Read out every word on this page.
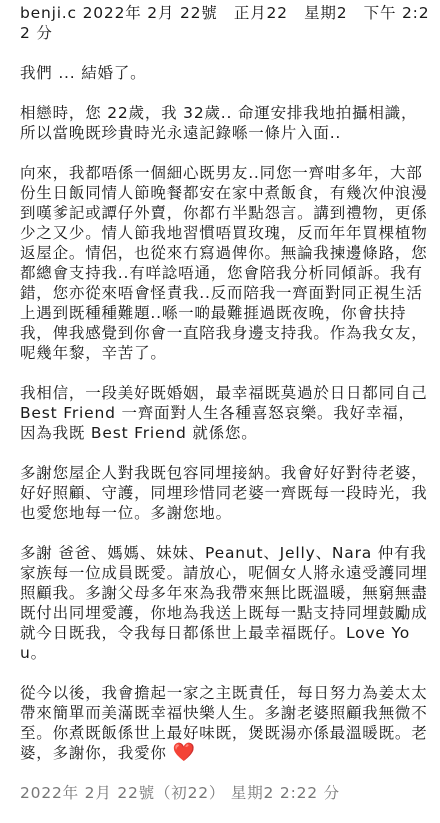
benji.c 2022年 2月 22號　正月22　星期2　下午 2:22 分

我們 ... 結婚了。

相戀時，您 22歲，我 32歲.. 命運安排我地拍攝相識，所以當晚既珍貴時光永遠記錄喺一條片入面..

向來，我都唔係一個細心既男友..同您一齊咁多年，大部份生日飯同情人節晚餐都安在家中煮飯食，有幾次仲浪漫到嘆爹記或譚仔外賣，你都冇半點怨言。講到禮物，更係少之又少。情人節我地習慣唔買玫瑰，反而年年買棵植物返屋企。情侶，也從來冇寫過俾你。無論我揀邊條路，您都總會支持我..有咩諗唔通，您會陪我分析同傾訴。我有錯，您亦從來唔會怪責我..反而陪我一齊面對同正視生活上遇到既種種難題..喺一啲最難捱過既夜晚，你會扶持我，俾我感覺到你會一直陪我身邊支持我。作為我女友，呢幾年黎，辛苦了。

我相信，一段美好既婚姻，最幸福既莫過於日日都同自己 Best Friend 一齊面對人生各種喜怒哀樂。我好幸福，因為我既 Best Friend 就係您。

多謝您屋企人對我既包容同埋接納。我會好好對待老婆，好好照顧、守護，同埋珍惜同老婆一齊既每一段時光，我也愛您地每一位。多謝您地。

多謝 爸爸、媽媽、妹妹、Peanut、Jelly、Nara 仲有我家族每一位成員既愛。請放心，呢個女人將永遠受護同埋照顧我。多謝父母多年來為我帶來無比既溫暖，無窮無盡既付出同埋愛護，你地為我送上既每一點支持同埋鼓勵成就今日既我，令我每日都係世上最幸福既仔。Love You。

從今以後，我會擔起一家之主既責任，每日努力為姜太太帶來簡單而美滿既幸福快樂人生。多謝老婆照顧我無微不至。你煮既飯係世上最好味既，煲既湯亦係最溫暖既。老婆，多謝你，我愛你 ❤️

2022年 2月 22號（初22） 星期2 2:22 分
